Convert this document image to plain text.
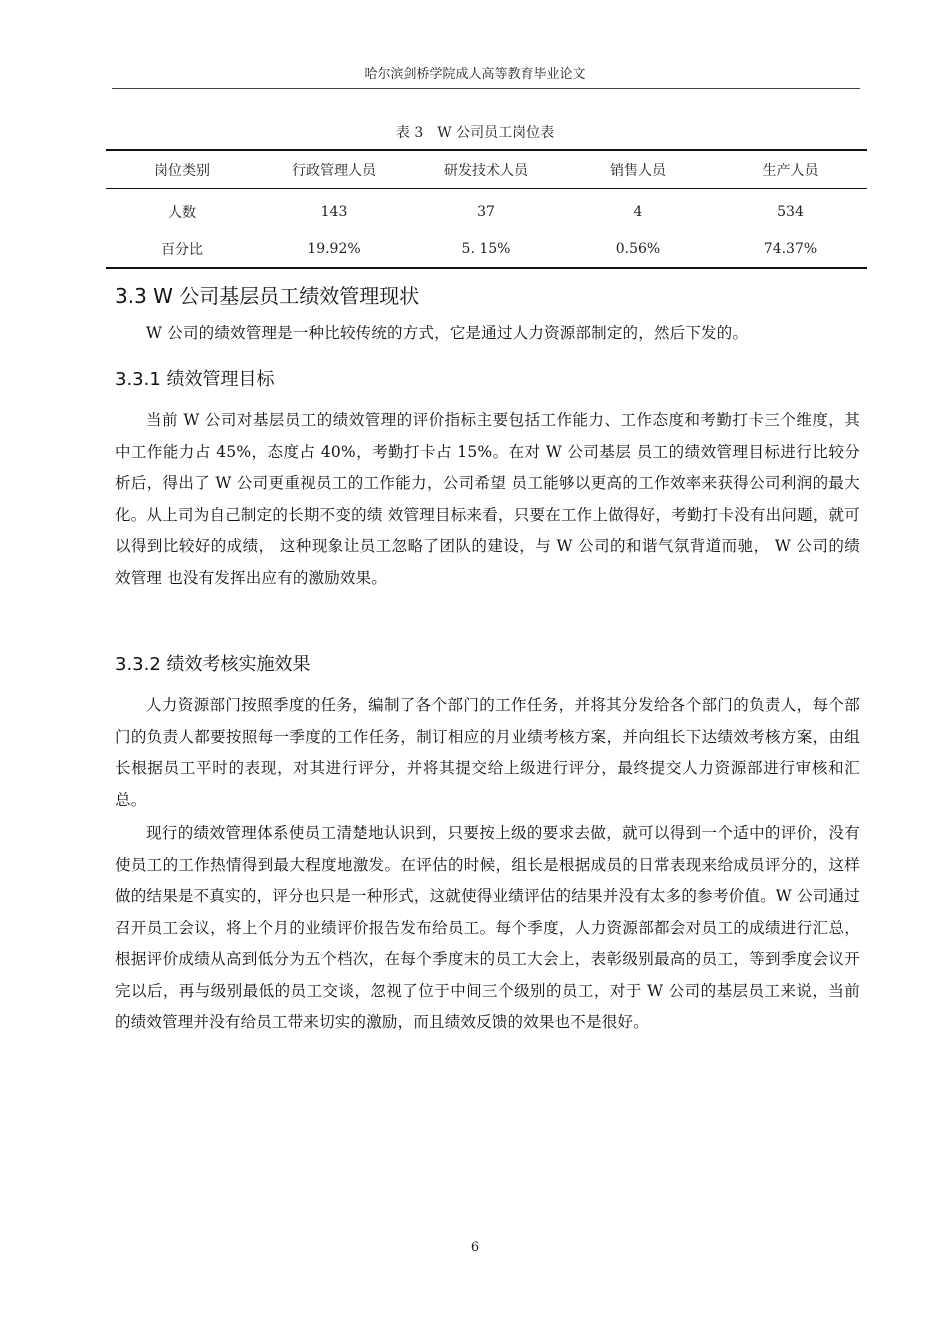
哈尔滨剑桥学院成人高等教育毕业论文
表 3　W 公司员工岗位表
岗位类别	行政管理人员	研发技术人员	销售人员	生产人员
人数	143	37	4	534
百分比	19.92%	5. 15%	0.56%	74.37%
3.3 W 公司基层员工绩效管理现状

W 公司的绩效管理是一种比较传统的方式，它是通过人力资源部制定的，然后下发的。

3.3.1 绩效管理目标

当前 W 公司对基层员工的绩效管理的评价指标主要包括工作能力、工作态度和考勤打卡三个维度，其中工作能力占 45%，态度占 40%，考勤打卡占 15%。在对 W 公司基层 员工的绩效管理目标进行比较分析后，得出了 W 公司更重视员工的工作能力，公司希望 员工能够以更高的工作效率来获得公司利润的最大化。从上司为自己制定的长期不变的绩 效管理目标来看，只要在工作上做得好，考勤打卡没有出问题，就可以得到比较好的成绩， 这种现象让员工忽略了团队的建设，与 W 公司的和谐气氛背道而驰， W 公司的绩效管理 也没有发挥出应有的激励效果。

3.3.2 绩效考核实施效果

人力资源部门按照季度的任务，编制了各个部门的工作任务，并将其分发给各个部门的负责人，每个部门的负责人都要按照每一季度的工作任务，制订相应的月业绩考核方案，并向组长下达绩效考核方案，由组长根据员工平时的表现，对其进行评分，并将其提交给上级进行评分，最终提交人力资源部进行审核和汇总。

现行的绩效管理体系使员工清楚地认识到，只要按上级的要求去做，就可以得到一个适中的评价，没有使员工的工作热情得到最大程度地激发。在评估的时候，组长是根据成员的日常表现来给成员评分的，这样做的结果是不真实的，评分也只是一种形式，这就使得业绩评估的结果并没有太多的参考价值。W 公司通过召开员工会议，将上个月的业绩评价报告发布给员工。每个季度，人力资源部都会对员工的成绩进行汇总，根据评价成绩从高到低分为五个档次，在每个季度末的员工大会上，表彰级别最高的员工，等到季度会议开完以后，再与级别最低的员工交谈，忽视了位于中间三个级别的员工，对于 W 公司的基层员工来说，当前的绩效管理并没有给员工带来切实的激励，而且绩效反馈的效果也不是很好。

6
